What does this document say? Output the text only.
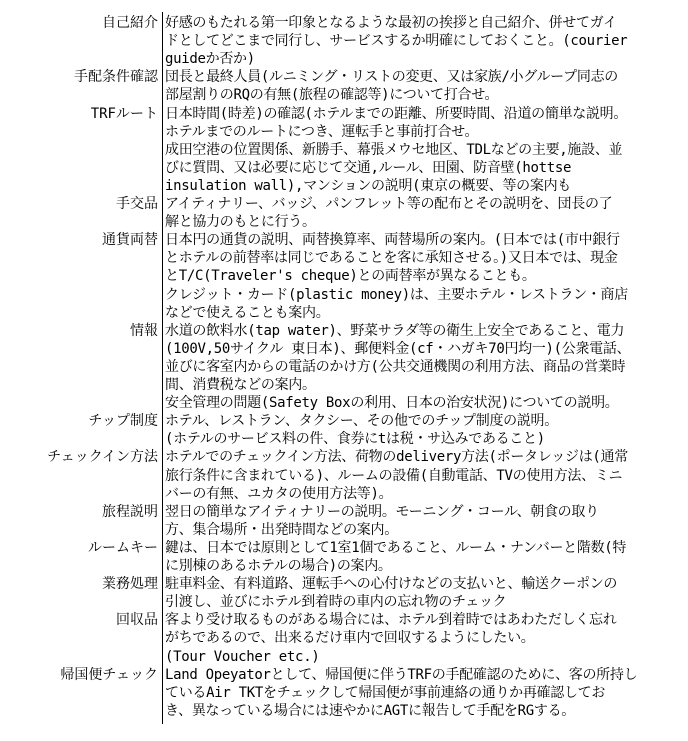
自己紹介 好感のもたれる第一印象となるような最初の挨拶と自己紹介、併せてガイ
ドとしてどこまで同行し、サービスするか明確にしておくこと。(courier
guideか否か)
手配条件確認 団長と最終人員(ルニミング・リストの変更、又は家族/小グループ同志の
部屋割りのRQの有無(旅程の確認等)について打合せ。
TRFルート 日本時間(時差)の確認(ホテルまでの距離、所要時間、沿道の簡単な説明。
ホテルまでのルートにつき、運転手と事前打合せ。
成田空港の位置関係、新勝手、幕張メウセ地区、TDLなどの主要,施設、並
びに質問、又は必要に応じて交通,ルール、田園、防音壁(hottse
insulation wall),マンションの説明(東京の概要、等の案内も
手交品 アイティナリー、バッジ、パンフレット等の配布とその説明を、団長の了
解と協力のもとに行う。
通貨両替 日本円の通貨の説明、両替換算率、両替場所の案内。(日本では(市中銀行
とホテルの前替率は同じであることを客に承知させる。)又日本では、現金
とT/C(Traveler's cheque)との両替率が異なることも。
クレジット・カード(plastic money)は、主要ホテル・レストラン・商店
などで使えることも案内。
情報 水道の飲料水(tap water)、野菜サラダ等の衛生上安全であること、電力
(100V,50サイクル 東日本)、郵便料金(cf・ハガキ70円均一)(公衆電話、
並びに客室内からの電話のかけ方(公共交通機関の利用方法、商品の営業時
間、消費税などの案内。
安全管理の問題(Safety Boxの利用、日本の治安状況)についての説明。
チップ制度 ホテル、レストラン、タクシー、その他でのチップ制度の説明。
(ホテルのサービス料の件、食券にtは税・サ込みであること)
チェックイン方法 ホテルでのチェックイン方法、荷物のdelivery方法(ポータレッジは(通常
旅行条件に含まれている)、ルームの設備(自動電話、TVの使用方法、ミニ
バーの有無、ユカタの使用方法等)。
旅程説明 翌日の簡単なアイティナリーの説明。モーニング・コール、朝食の取り
方、集合場所・出発時間などの案内。
ルームキー 鍵は、日本では原則として1室1個であること、ルーム・ナンバーと階数(特
に別棟のあるホテルの場合)の案内。
業務処理 駐車料金、有料道路、運転手への心付けなどの支払いと、輸送クーポンの
引渡し、並びにホテル到着時の車内の忘れ物のチェック
回収品 客より受け取るものがある場合には、ホテル到着時ではあわただしく忘れ
がちであるので、出来るだけ車内で回収するようにしたい。
(Tour Voucher etc.)
帰国便チェック Land Opeyatorとして、帰国便に伴うTRFの手配確認のために、客の所持し
ているAir TKTをチェックして帰国便が事前連絡の通りか再確認してお
き、異なっている場合には速やかにAGTに報告して手配をRGする。
